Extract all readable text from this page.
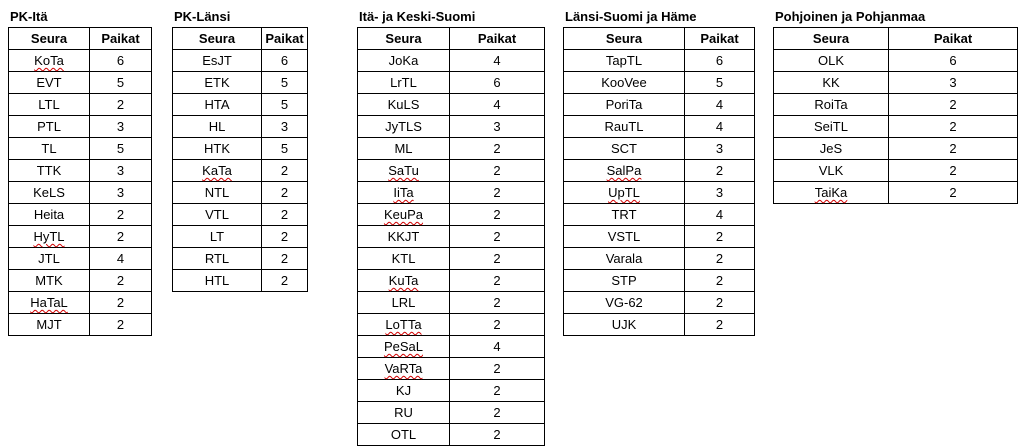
PK-Itä
Seura	Paikat
KoTa	6
EVT	5
LTL	2
PTL	3
TL	5
TTK	3
KeLS	3
Heita	2
HyTL	2
JTL	4
MTK	2
HaTaL	2
MJT	2
PK-Länsi
Seura	Paikat
EsJT	6
ETK	5
HTA	5
HL	3
HTK	5
KaTa	2
NTL	2
VTL	2
LT	2
RTL	2
HTL	2
Itä- ja Keski-Suomi
Seura	Paikat
JoKa	4
LrTL	6
KuLS	4
JyTLS	3
ML	2
SaTu	2
IiTa	2
KeuPa	2
KKJT	2
KTL	2
KuTa	2
LRL	2
LoTTa	2
PeSaL	4
VaRTa	2
KJ	2
RU	2
OTL	2
Länsi-Suomi ja Häme
Seura	Paikat
TapTL	6
KooVee	5
PoriTa	4
RauTL	4
SCT	3
SalPa	2
UpTL	3
TRT	4
VSTL	2
Varala	2
STP	2
VG-62	2
UJK	2
Pohjoinen ja Pohjanmaa
Seura	Paikat
OLK	6
KK	3
RoiTa	2
SeiTL	2
JeS	2
VLK	2
TaiKa	2
